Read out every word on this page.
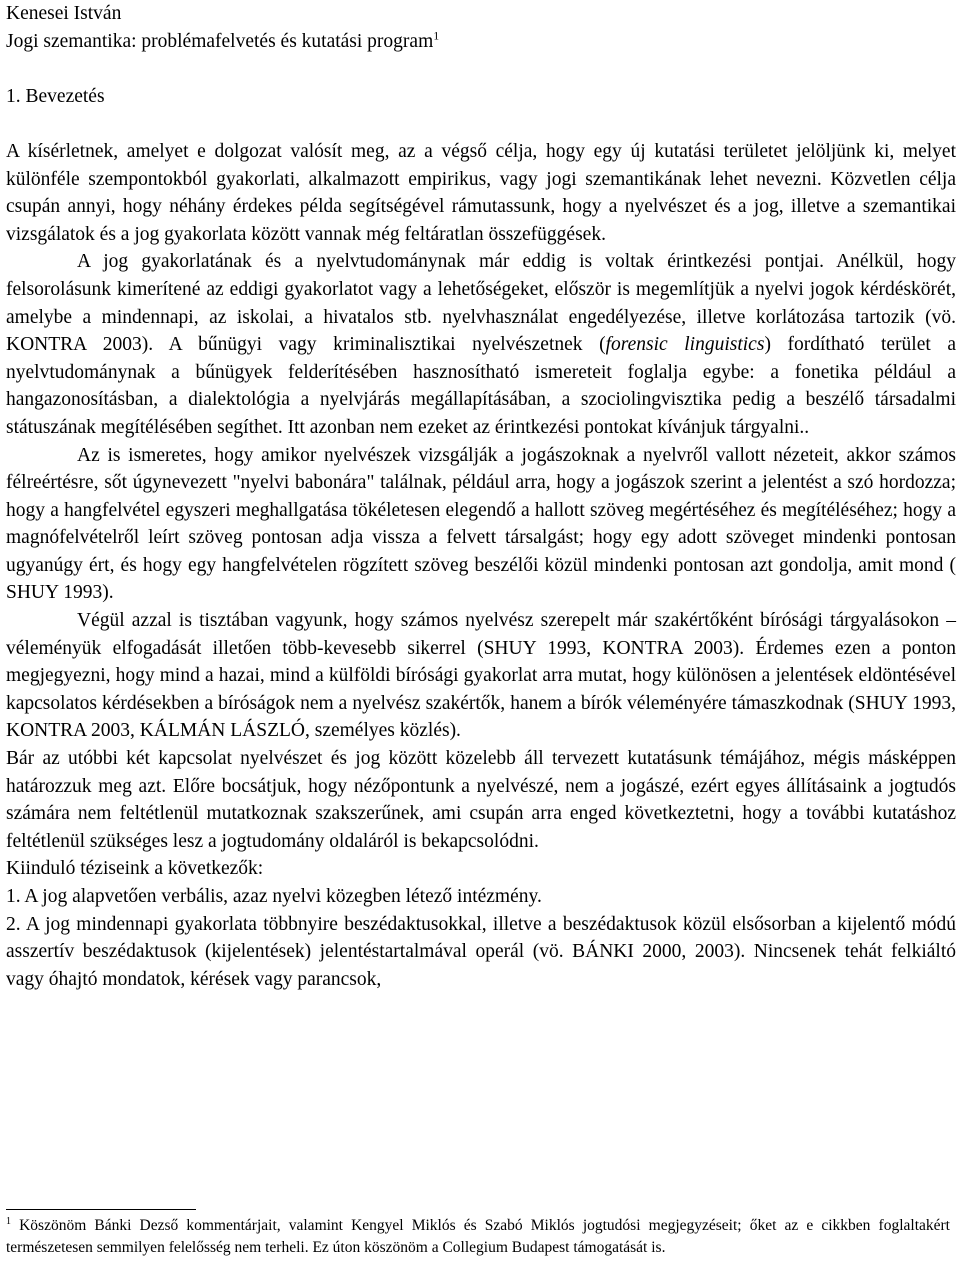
Kenesei István
Jogi szemantika: problémafelvetés és kutatási program$^1$
1. Bevezetés

A kísérletnek, amelyet e dolgozat valósít meg, az a végső célja, hogy egy új kutatási területet jelöljünk ki, melyet különféle szempontokból gyakorlati, alkalmazott empirikus, vagy jogi szemantikának lehet nevezni. Közvetlen célja csupán annyi, hogy néhány érdekes példa segítségével rámutassunk, hogy a nyelvészet és a jog, illetve a szemantikai vizsgálatok és a jog gyakorlata között vannak még feltáratlan összefüggések.

A jog gyakorlatának és a nyelvtudománynak már eddig is voltak érintkezési pontjai. Anélkül, hogy felsorolásunk kimerítené az eddigi gyakorlatot vagy a lehetőségeket, először is megemlítjük a nyelvi jogok kérdéskörét, amelybe a mindennapi, az iskolai, a hivatalos stb. nyelvhasználat engedélyezése, illetve korlátozása tartozik (vö. KONTRA 2003). A bűnügyi vagy kriminalisztikai nyelvészetnek (forensic linguistics) fordítható terület a nyelvtudománynak a bűnügyek felderítésében hasznosítható ismereteit foglalja egybe: a fonetika például a hangazonosításban, a dialektológia a nyelvjárás megállapításában, a szociolingvisztika pedig a beszélő társadalmi státuszának megítélésében segíthet. Itt azonban nem ezeket az érintkezési pontokat kívánjuk tárgyalni..

Az is ismeretes, hogy amikor nyelvészek vizsgálják a jogászoknak a nyelvről vallott nézeteit, akkor számos félreértésre, sőt úgynevezett "nyelvi babonára" találnak, például arra, hogy a jogászok szerint a jelentést a szó hordozza; hogy a hangfelvétel egyszeri meghallgatása tökéletesen elegendő a hallott szöveg megértéséhez és megítéléséhez; hogy a magnófelvételről leírt szöveg pontosan adja vissza a felvett társalgást; hogy egy adott szöveget mindenki pontosan ugyanúgy ért, és hogy egy hangfelvételen rögzített szöveg beszélői közül mindenki pontosan azt gondolja, amit mond ( SHUY 1993).

Végül azzal is tisztában vagyunk, hogy számos nyelvész szerepelt már szakértőként bírósági tárgyalásokon – véleményük elfogadását illetően több-kevesebb sikerrel (SHUY 1993, KONTRA 2003). Érdemes ezen a ponton megjegyezni, hogy mind a hazai, mind a külföldi bírósági gyakorlat arra mutat, hogy különösen a jelentések eldöntésével kapcsolatos kérdésekben a bíróságok nem a nyelvész szakértők, hanem a bírók véleményére támaszkodnak (SHUY 1993, KONTRA 2003, KÁLMÁN LÁSZLÓ, személyes közlés).

Bár az utóbbi két kapcsolat nyelvészet és jog között közelebb áll tervezett kutatásunk témájához, mégis másképpen határozzuk meg azt. Előre bocsátjuk, hogy nézőpontunk a nyelvészé, nem a jogászé, ezért egyes állításaink a jogtudós számára nem feltétlenül mutatkoznak szakszerűnek, ami csupán arra enged következtetni, hogy a további kutatáshoz feltétlenül szükséges lesz a jogtudomány oldaláról is bekapcsolódni.

Kiinduló téziseink a következők:

1. A jog alapvetően verbális, azaz nyelvi közegben létező intézmény.

2. A jog mindennapi gyakorlata többnyire beszédaktusokkal, illetve a beszédaktusok közül elsősorban a kijelentő módú asszertív beszédaktusok (kijelentések) jelentéstartalmával operál (vö. BÁNKI 2000, 2003). Nincsenek tehát felkiáltó vagy óhajtó mondatok, kérések vagy parancsok,

$^1$ Köszönöm Bánki Dezső kommentárjait, valamint Kengyel Miklós és Szabó Miklós jogtudósi megjegyzéseit; őket az e cikkben foglaltakért természetesen semmilyen felelősség nem terheli. Ez úton köszönöm a Collegium Budapest támogatását is.
